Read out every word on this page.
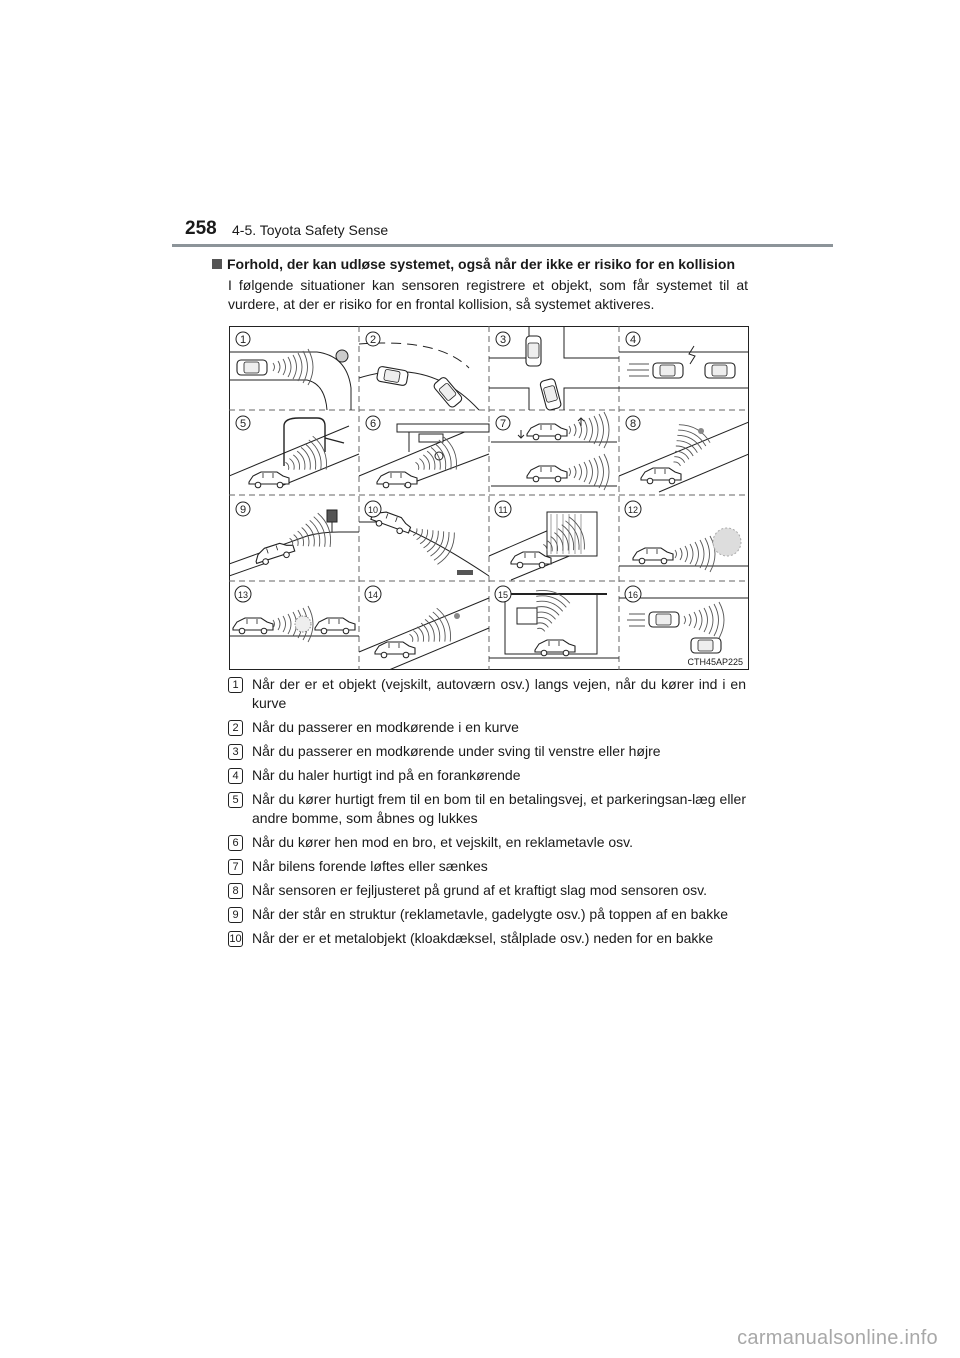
258 4-5. Toyota Safety Sense
Forhold, der kan udløse systemet, også når der ikke er risiko for en kollision
I følgende situationer kan sensoren registrere et objekt, som får systemet til at vurdere, at der er risiko for en frontal kollision, så systemet aktiveres.
1	2	3	4
5	6	7	8
9	10	11	12
13	14	15	16
CTH45AP225
1 Når der er et objekt (vejskilt, autoværn osv.) langs vejen, når du kører ind i en kurve
2 Når du passerer en modkørende i en kurve
3 Når du passerer en modkørende under sving til venstre eller højre
4 Når du haler hurtigt ind på en forankørende
5 Når du kører hurtigt frem til en bom til en betalingsvej, et parkeringsan-læg eller andre bomme, som åbnes og lukkes
6 Når du kører hen mod en bro, et vejskilt, en reklametavle osv.
7 Når bilens forende løftes eller sænkes
8 Når sensoren er fejljusteret på grund af et kraftigt slag mod sensoren osv.
9 Når der står en struktur (reklametavle, gadelygte osv.) på toppen af en bakke
10 Når der er et metalobjekt (kloakdæksel, stålplade osv.) neden for en bakke
carmanualsonline.info
